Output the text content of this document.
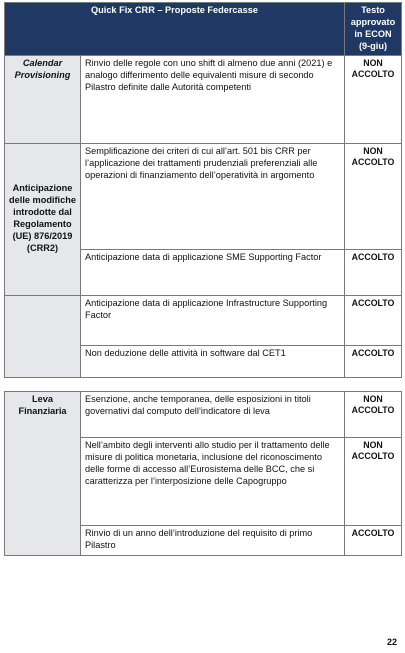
Quick Fix CRR – Proposte Federcasse		Testo approvato in ECON (9-giu)
Calendar Provisioning	Rinvio delle regole con uno shift di almeno due anni (2021) e analogo differimento delle equivalenti misure di secondo Pilastro definite dalle Autorità competenti	NON ACCOLTO
Anticipazione delle modifiche introdotte dal Regolamento (UE) 876/2019 (CRR2)	Semplificazione dei criteri di cui all’art. 501 bis CRR per l’applicazione dei trattamenti prudenziali preferenziali alle operazioni di finanziamento dell’operatività in argomento	NON ACCOLTO
	Anticipazione data di applicazione SME Supporting Factor	ACCOLTO
	Anticipazione data di applicazione Infrastructure Supporting Factor	ACCOLTO
	Non deduzione delle attività in software dal CET1	ACCOLTO
Leva Finanziaria	Esenzione, anche temporanea, delle esposizioni in titoli governativi dal computo dell’indicatore di leva	NON ACCOLTO
	Nell’ambito degli interventi allo studio per il trattamento delle misure di politica monetaria, inclusione del riconoscimento delle forme di accesso all’Eurosistema delle BCC, che si caratterizza per l’interposizione delle Capogruppo	NON ACCOLTO
	Rinvio di un anno dell’introduzione del requisito di primo Pilastro	ACCOLTO
22
